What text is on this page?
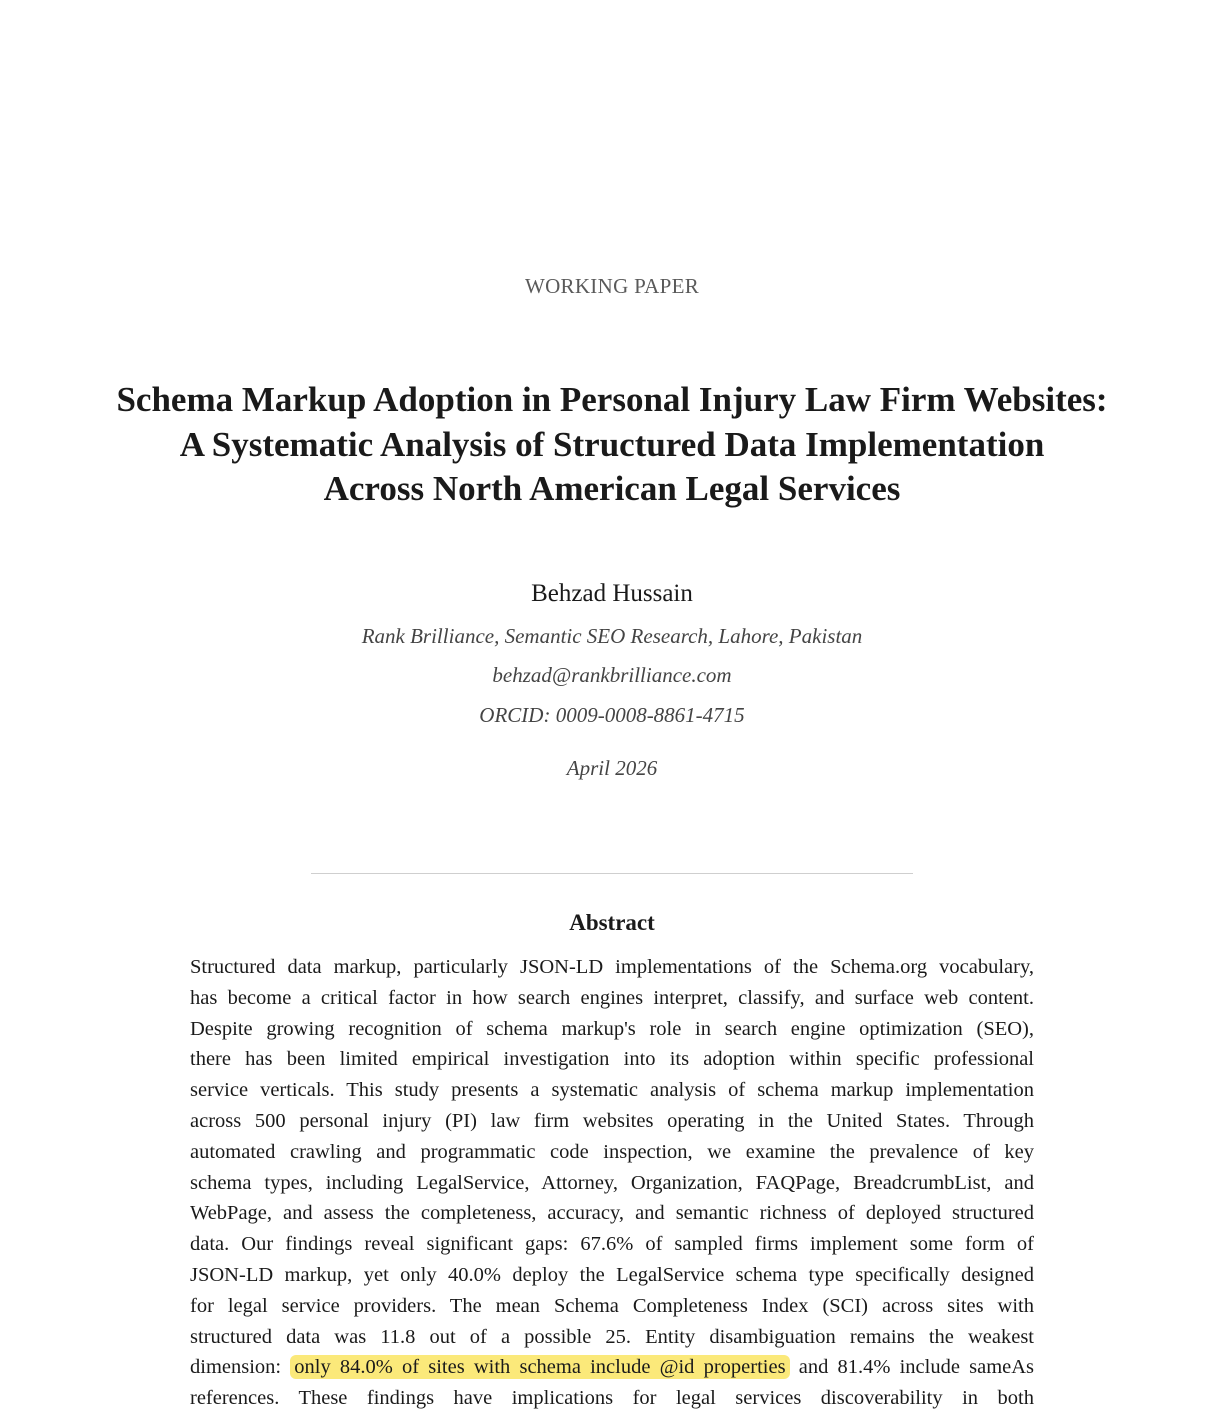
WORKING PAPER
Schema Markup Adoption in Personal Injury Law Firm Websites:
A Systematic Analysis of Structured Data Implementation
Across North American Legal Services
Behzad Hussain
Rank Brilliance, Semantic SEO Research, Lahore, Pakistan
behzad@rankbrilliance.com
ORCID: 0009-0008-8861-4715
April 2026
Abstract
Structured data markup, particularly JSON-LD implementations of the Schema.org vocabulary,
has become a critical factor in how search engines interpret, classify, and surface web content.
Despite growing recognition of schema markup's role in search engine optimization (SEO),
there has been limited empirical investigation into its adoption within specific professional
service verticals. This study presents a systematic analysis of schema markup implementation
across 500 personal injury (PI) law firm websites operating in the United States. Through
automated crawling and programmatic code inspection, we examine the prevalence of key
schema types, including LegalService, Attorney, Organization, FAQPage, BreadcrumbList, and
WebPage, and assess the completeness, accuracy, and semantic richness of deployed structured
data. Our findings reveal significant gaps: 67.6% of sampled firms implement some form of
JSON-LD markup, yet only 40.0% deploy the LegalService schema type specifically designed
for legal service providers. The mean Schema Completeness Index (SCI) across sites with
structured data was 11.8 out of a possible 25. Entity disambiguation remains the weakest
dimension: only 84.0% of sites with schema include @id properties and 81.4% include sameAs
references. These findings have implications for legal services discoverability in both
